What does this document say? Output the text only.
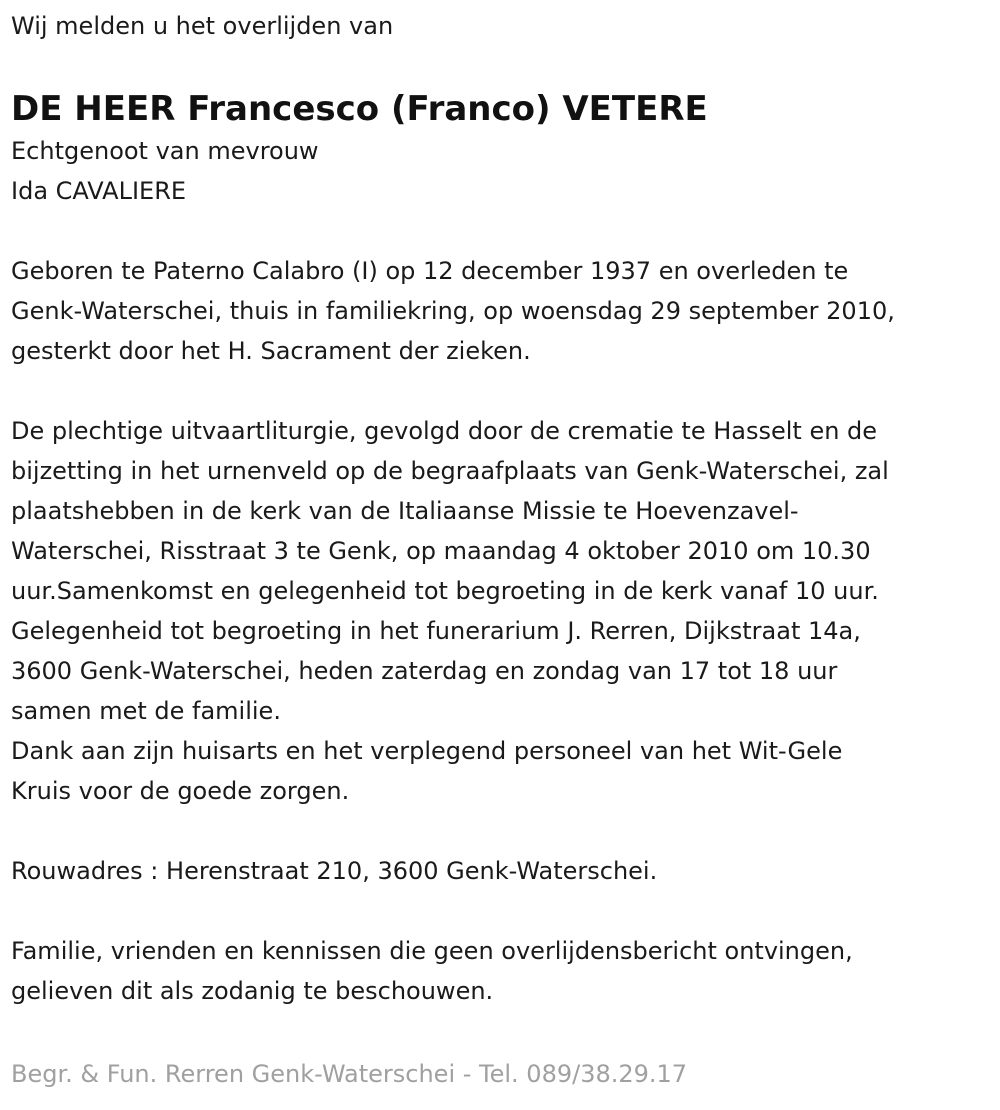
Wij melden u het overlijden van

DE HEER Francesco (Franco) VETERE

Echtgenoot van mevrouw

Ida CAVALIERE

Geboren te Paterno Calabro (I) op 12 december 1937 en overleden te

Genk-Waterschei, thuis in familiekring, op woensdag 29 september 2010,

gesterkt door het H. Sacrament der zieken.

De plechtige uitvaartliturgie, gevolgd door de crematie te Hasselt en de

bijzetting in het urnenveld op de begraafplaats van Genk-Waterschei, zal

plaatshebben in de kerk van de Italiaanse Missie te Hoevenzavel-

Waterschei, Risstraat 3 te Genk, op maandag 4 oktober 2010 om 10.30

uur.Samenkomst en gelegenheid tot begroeting in de kerk vanaf 10 uur.

Gelegenheid tot begroeting in het funerarium J. Rerren, Dijkstraat 14a,

3600 Genk-Waterschei, heden zaterdag en zondag van 17 tot 18 uur

samen met de familie.

Dank aan zijn huisarts en het verplegend personeel van het Wit-Gele

Kruis voor de goede zorgen.

Rouwadres : Herenstraat 210, 3600 Genk-Waterschei.

Familie, vrienden en kennissen die geen overlijdensbericht ontvingen,

gelieven dit als zodanig te beschouwen.

Begr. & Fun. Rerren Genk-Waterschei - Tel. 089/38.29.17
